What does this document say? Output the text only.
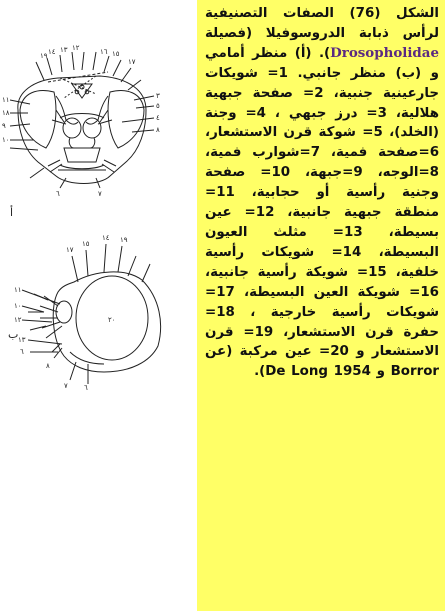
١٩ ١٤ ١٣ ١٢	١٦ ١٥
١٧
١١
١٨
٩
١٠
٣
٥
٤
٨
٦	٧
أ
١٧
١٥
١٤ ١٩
١١
٢٠
١٠
١٢
١٣
٦
٧ ٦
٨
ب
الشكل (76) الصفات التصنيفية لرأس ذبابة الدروسوفيلا (فصيلة Drosopholidae). (أ) منظر أمامي و (ب) منظر جانبي. 1= شويكات جارعينية جنبية، 2= صفحة جبهية هلالية، 3= درز جبهي ، 4= وجنة (الخلد)، 5= شوكة قرن الاستشعار، 6=صفحة فمية، 7=شوارب فمية، 8=الوجه، 9=جبهة، 10= صفحة وجنية رأسية أو حجابية، 11= منطقة جبهية جانبية، 12= عين بسيطة، 13= مثلث العيون البسيطة، 14= شويكات رأسية خلفية، 15= شويكة رأسية جانبية، 16= شويكة العين البسيطة، 17= شويكات رأسية خارجية ، 18= حفرة قرن الاستشعار، 19= قرن الاستشعار و 20= عين مركبة (عن Borror و De Long 1954).
